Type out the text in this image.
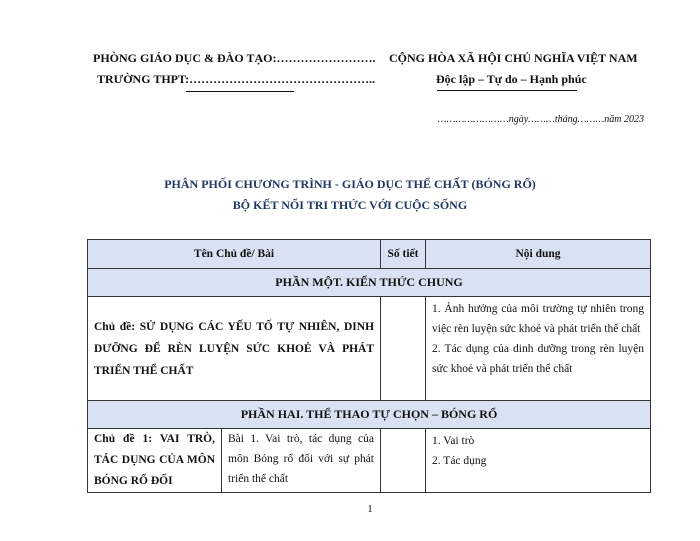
PHÒNG GIÁO DỤC & ĐÀO TẠO:…………………….
TRƯỜNG THPT:………………………………………..
CỘNG HÒA XÃ HỘI CHỦ NGHĨA VIỆT NAM
Độc lập – Tự do – Hạnh phúc
……………………ngày………tháng………năm 2023
PHÂN PHỐI CHƯƠNG TRÌNH - GIÁO DỤC THỂ CHẤT (BÓNG RỔ)
BỘ KẾT NỐI TRI THỨC VỚI CUỘC SỐNG
Tên Chủ đề/ Bài		Số tiết	Nội dung
PHẦN MỘT. KIẾN THỨC CHUNG			
Chủ đề: SỬ DỤNG CÁC YẾU TỐ TỰ NHIÊN, DINH DƯỠNG ĐỂ RÈN LUYỆN SỨC KHOẺ VÀ PHÁT TRIỂN THỂ CHẤT			1. Ảnh hưởng của môi trường tự nhiên trong việc rèn luyện sức khoẻ và phát triển thể chất
2. Tác dụng của dinh dưỡng trong rèn luyện sức khoẻ và phát triển thể chất

PHẦN HAI. THỂ THAO TỰ CHỌN – BÓNG RỔ			
Chủ đề 1: VAI TRÒ, TÁC DỤNG CỦA MÔN BÓNG RỔ ĐỐI	Bài 1. Vai trò, tác dụng của môn Bóng rổ đối với sự phát triển thể chất		1. Vai trò
2. Tác dụng
1
